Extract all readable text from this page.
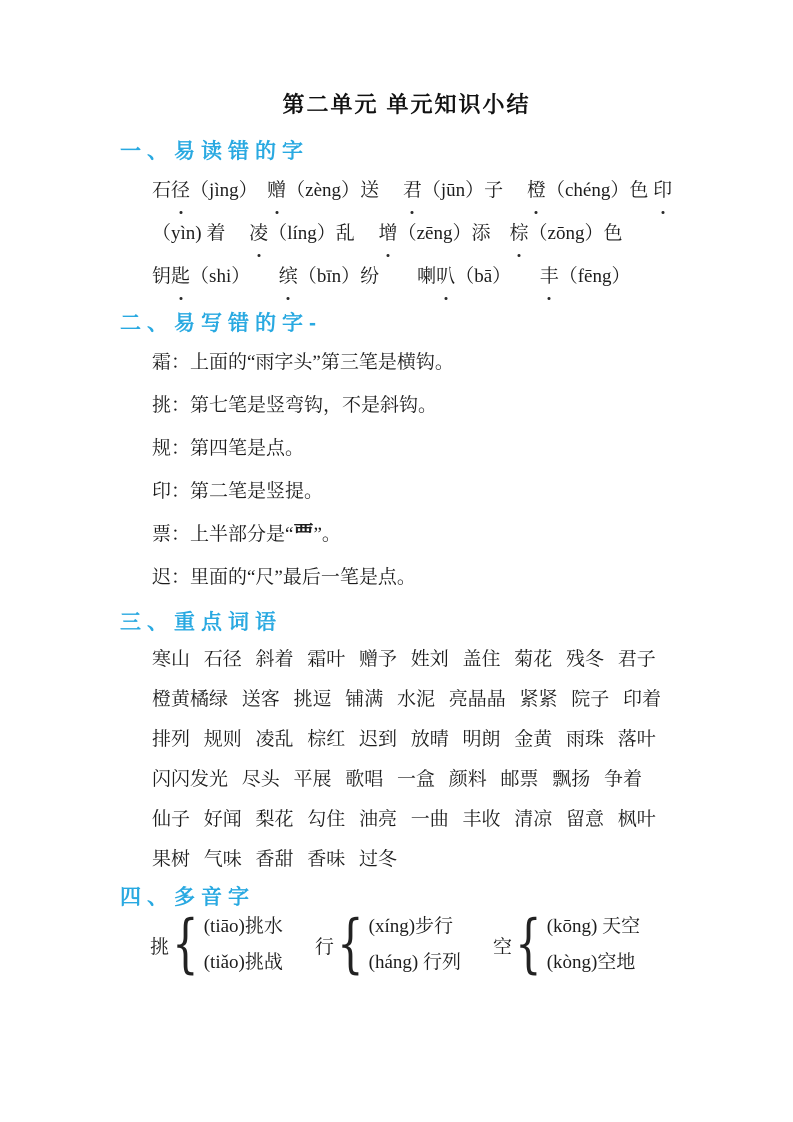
第二单元 单元知识小结
一、易读错的字
石径（jìng）　 赠（zèng）送　 君（jūn）子　 橙（chéng）色 印
（yìn) 着　 凌（líng）乱　 增（zēng）添　 棕（zōng）色
钥匙（shi）　　 缤（bīn）纷　　 喇叭（bā）　　 丰（fēng）
二、易写错的字-
霜：上面的“雨字头”第三笔是横钩。
挑：第七笔是竖弯钩，不是斜钩。
规：第四笔是点。
印：第二笔是竖提。
票：上半部分是“覀”。
迟：里面的“尺”最后一笔是点。
三、重点词语
寒山 石径 斜着 霜叶 赠予 姓刘 盖住 菊花 残冬 君子
橙黄橘绿 送客 挑逗 铺满 水泥 亮晶晶 紧紧 院子 印着
排列 规则 凌乱 棕红 迟到 放晴 明朗 金黄 雨珠 落叶
闪闪发光 尽头 平展 歌唱 一盒 颜料 邮票 飘扬 争着
仙子 好闻 梨花 勾住 油亮 一曲 丰收 清凉 留意 枫叶
果树 气味 香甜 香味 过冬
四、多音字
挑 { (tiāo)挑水
(tiǎo)挑战
行 { (xíng)步行
(háng) 行列
空 { (kōng) 天空
(kòng)空地
